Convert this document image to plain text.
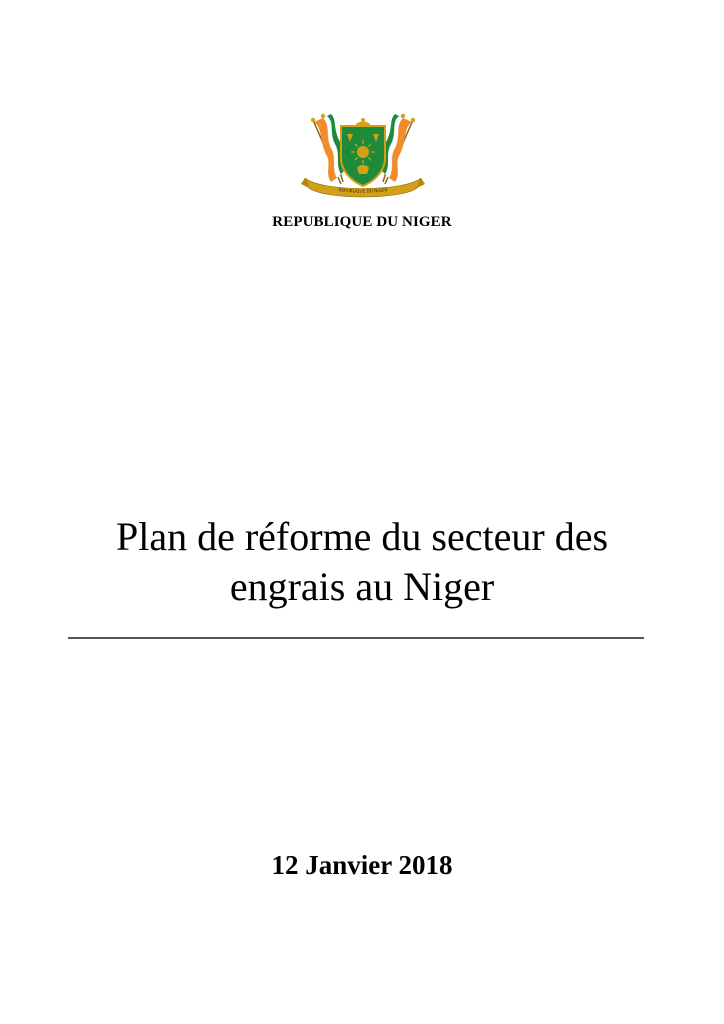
REPUBLIQUE DU NIGER
REPUBLIQUE DU NIGER
Plan de réforme du secteur des
engrais au Niger
12 Janvier 2018
